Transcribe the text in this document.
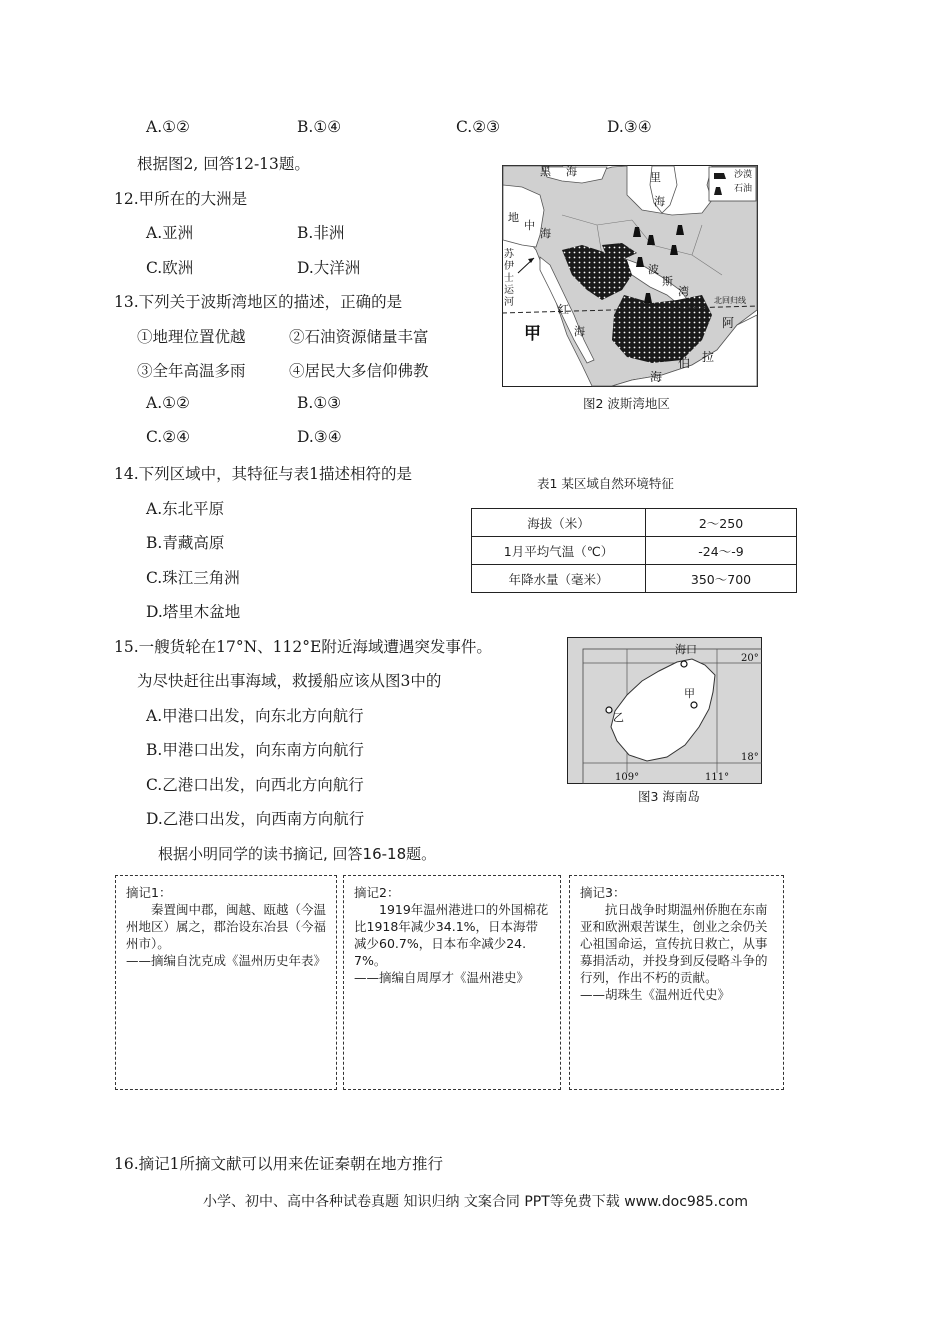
A.①②	B.①④	C.②③	D.③④
根据图2, 回答12-13题。
12.甲所在的大洲是
A.亚洲	B.非洲
C.欧洲	D.大洋洲
13.下列关于波斯湾地区的描述，正确的是
①地理位置优越	②石油资源储量丰富
③全年高温多雨	④居民大多信仰佛教
A.①②	B.①③
C.②④	D.③④
沙漠
石油
黑 海	里
海
地
中
海
苏
伊
士
运
河
红
海
波
斯
湾
北回归线
甲
阿
拉
伯
海
图2 波斯湾地区
14.下列区域中，其特征与表1描述相符的是
A.东北平原
B.青藏高原
C.珠江三角洲
D.塔里木盆地
表1 某区域自然环境特征
海拔（米）	2～250
1月平均气温（℃）	-24～-9
年降水量（毫米）	350～700
15.一艘货轮在17°N、112°E附近海域遭遇突发事件。
为尽快赶往出事海域，救援船应该从图3中的
A.甲港口出发，向东北方向航行
B.甲港口出发，向东南方向航行
C.乙港口出发，向西北方向航行
D.乙港口出发，向西南方向航行
海口
甲
乙
20°
18°
109°	111°
图3 海南岛
根据小明同学的读书摘记, 回答16-18题。
摘记1：
秦置闽中郡，闽越、瓯越（今温州地区）属之，郡治设东冶县（今福州市）。
——摘编自沈克成《温州历史年表》
摘记2：
1919年温州港进口的外国棉花比1918年减少34.1%，日本海带减少60.7%，日本布伞减少24.7%。
——摘编自周厚才《温州港史》
摘记3：
抗日战争时期温州侨胞在东南亚和欧洲艰苦谋生，创业之余仍关心祖国命运，宣传抗日救亡，从事募捐活动，并投身到反侵略斗争的行列，作出不朽的贡献。
——胡珠生《温州近代史》
16.摘记1所摘文献可以用来佐证秦朝在地方推行
小学、初中、高中各种试卷真题 知识归纳 文案合同 PPT等免费下载 www.doc985.com
